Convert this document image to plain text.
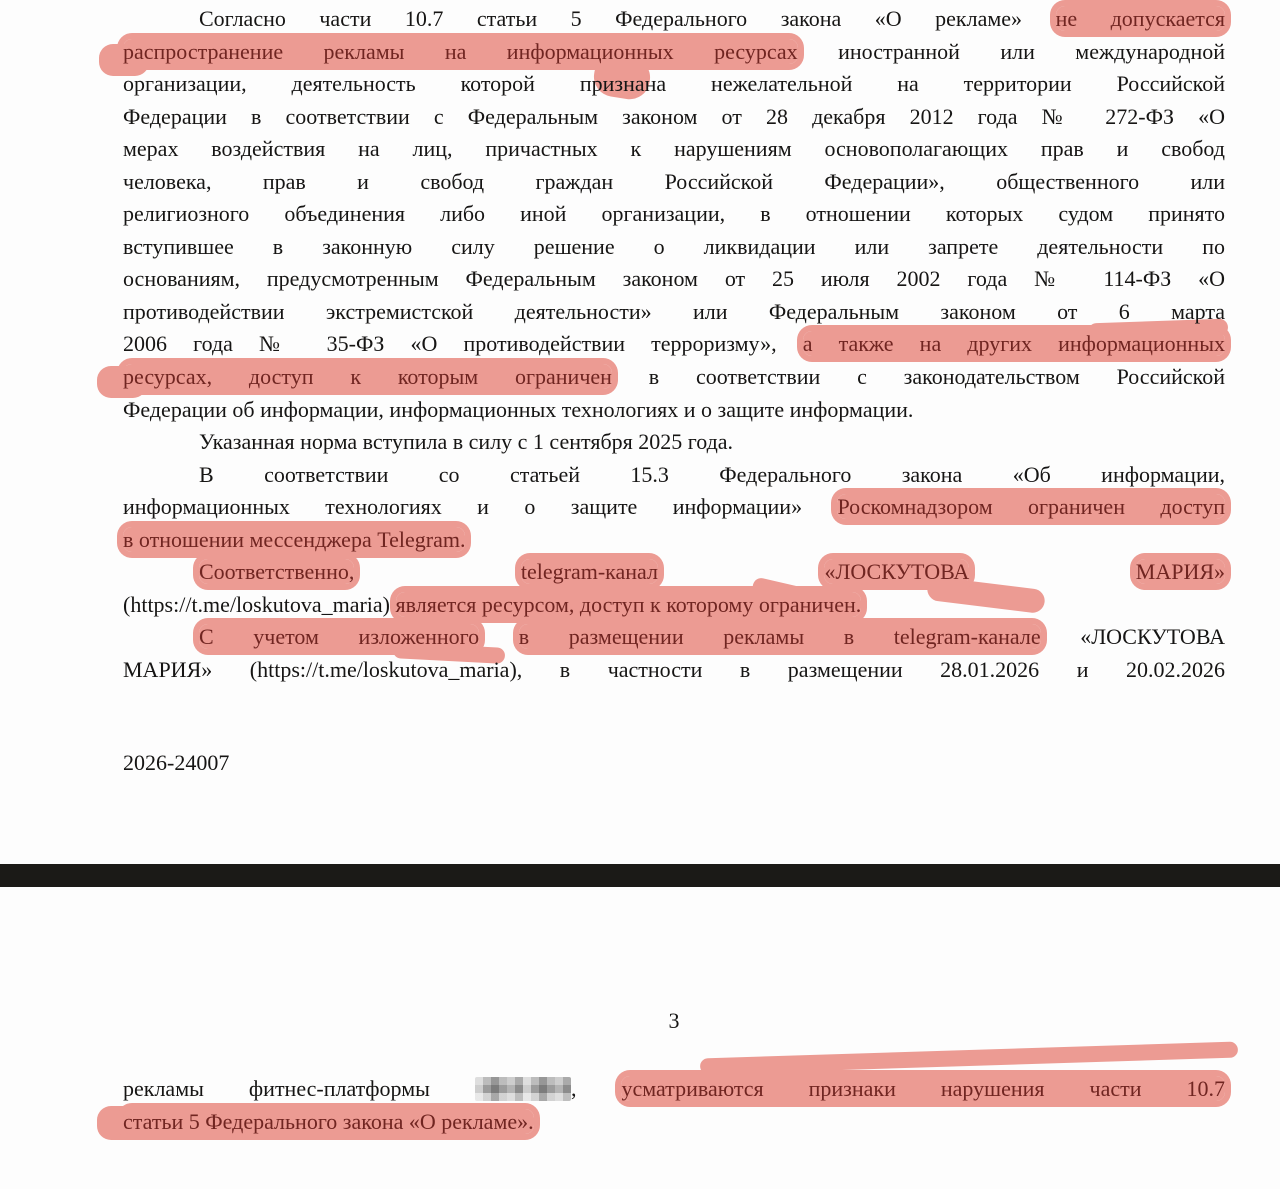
Согласно части 10.7 статьи 5 Федерального закона «О рекламе» не допускается
распространение рекламы на информационных ресурсах иностранной или международной
организации, деятельность которой признана нежелательной на территории Российской
Федерации в соответствии с Федеральным законом от 28 декабря 2012 года № 272-ФЗ «О
мерах воздействия на лиц, причастных к нарушениям основополагающих прав и свобод
человека, прав и свобод граждан Российской Федерации», общественного или
религиозного объединения либо иной организации, в отношении которых судом принято
вступившее в законную силу решение о ликвидации или запрете деятельности по
основаниям, предусмотренным Федеральным законом от 25 июля 2002 года № 114-ФЗ «О
противодействии экстремистской деятельности» или Федеральным законом от 6 марта
2006 года № 35-ФЗ «О противодействии терроризму», а также на других информационных
ресурсах, доступ к которым ограничен в соответствии с законодательством Российской
Федерации об информации, информационных технологиях и о защите информации.
Указанная норма вступила в силу с 1 сентября 2025 года.
В соответствии со статьей 15.3 Федерального закона «Об информации,
информационных технологиях и о защите информации» Роскомнадзором ограничен доступ
в отношении мессенджера Telegram.
Соответственно,	telegram-канал	«ЛОСКУТОВА	МАРИЯ»
(https://t.me/loskutova_maria) является ресурсом, доступ к которому ограничен.
С учетом изложенного в размещении рекламы в telegram-канале «ЛОСКУТОВА
МАРИЯ» (https://t.me/loskutova_maria), в частности в размещении 28.01.2026 и 20.02.2026
2026-24007
3
рекламы фитнес-платформы	, усматриваются признаки нарушения части 10.7
статьи 5 Федерального закона «О рекламе».
